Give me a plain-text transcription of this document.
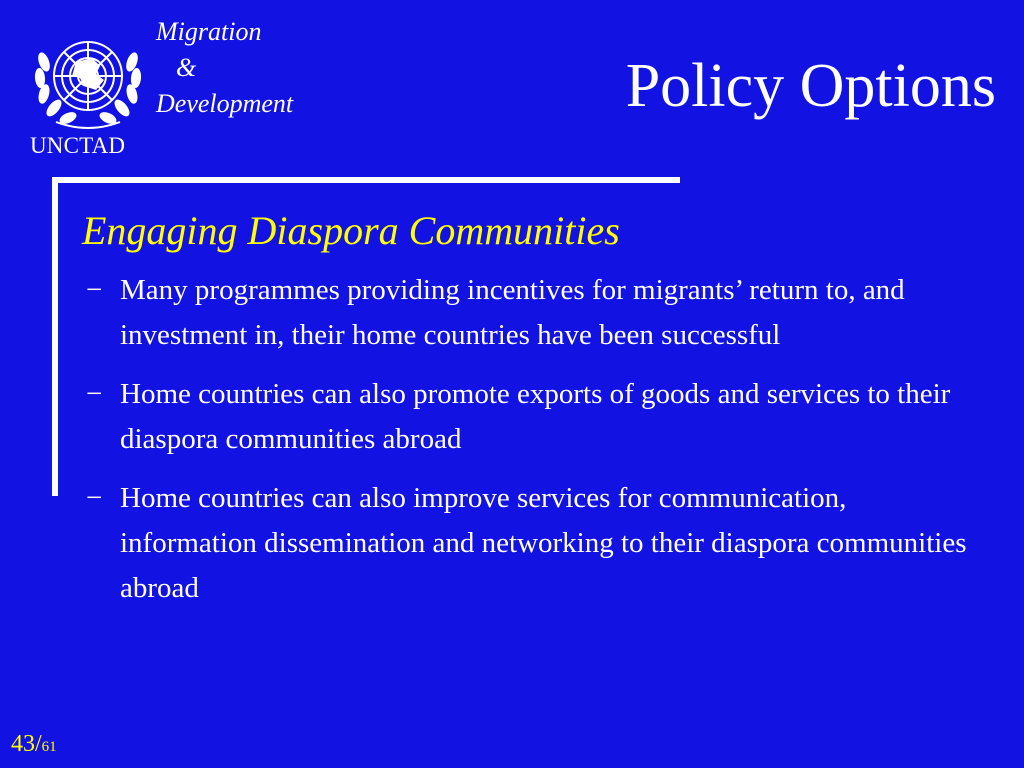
UNCTAD
Migration
&
Development	Policy Options
Engaging Diaspora Communities
− Many programmes providing incentives for migrants’ return to, and investment in, their home countries have been successful
− Home countries can also promote exports of goods and services to their diaspora communities abroad
− Home countries can also improve services for communication, information dissemination and networking to their diaspora communities abroad
43/61
